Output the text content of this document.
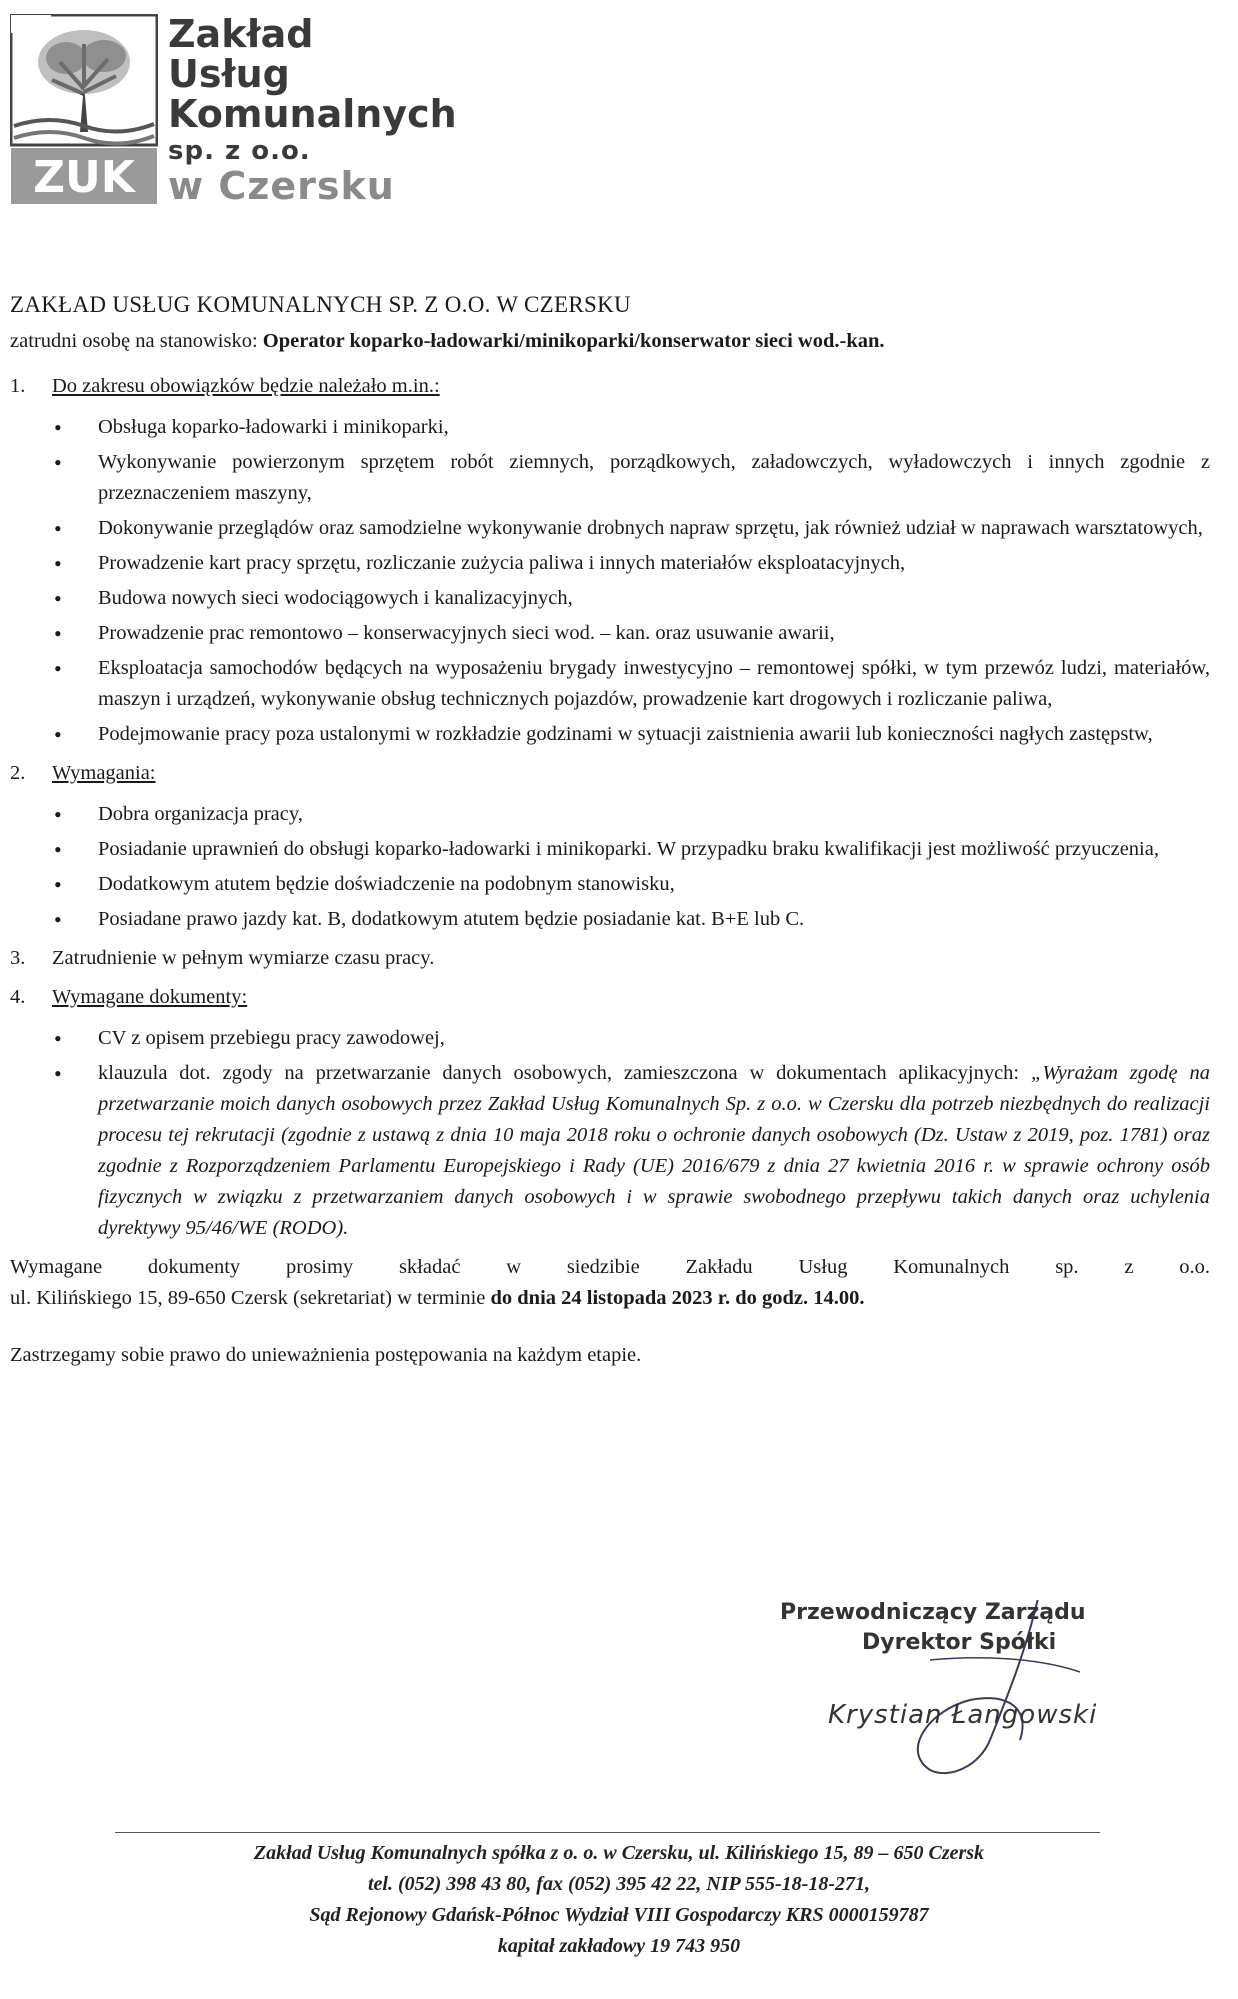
ZUK
Zakład
Usług
Komunalnych
sp. z o.o.
w Czersku
ZAKŁAD USŁUG KOMUNALNYCH SP. Z O.O. W CZERSKU
zatrudni osobę na stanowisko: Operator koparko-ładowarki/minikoparki/konserwator sieci wod.-kan.
1.	Do zakresu obowiązków będzie należało m.in.:
• Obsługa koparko-ładowarki i minikoparki,
• Wykonywanie powierzonym sprzętem robót ziemnych, porządkowych, załadowczych, wyładowczych i innych zgodnie z przeznaczeniem maszyny,
• Dokonywanie przeglądów oraz samodzielne wykonywanie drobnych napraw sprzętu, jak również udział w naprawach warsztatowych,
• Prowadzenie kart pracy sprzętu, rozliczanie zużycia paliwa i innych materiałów eksploatacyjnych,
• Budowa nowych sieci wodociągowych i kanalizacyjnych,
• Prowadzenie prac remontowo – konserwacyjnych sieci wod. – kan. oraz usuwanie awarii,
• Eksploatacja samochodów będących na wyposażeniu brygady inwestycyjno – remontowej spółki, w tym przewóz ludzi, materiałów, maszyn i urządzeń, wykonywanie obsług technicznych pojazdów, prowadzenie kart drogowych i rozliczanie paliwa,
• Podejmowanie pracy poza ustalonymi w rozkładzie godzinami w sytuacji zaistnienia awarii lub konieczności nagłych zastępstw,
2.	Wymagania:
• Dobra organizacja pracy,
• Posiadanie uprawnień do obsługi koparko-ładowarki i minikoparki. W przypadku braku kwalifikacji jest możliwość przyuczenia,
• Dodatkowym atutem będzie doświadczenie na podobnym stanowisku,
• Posiadane prawo jazdy kat. B, dodatkowym atutem będzie posiadanie kat. B+E lub C.
3.	Zatrudnienie w pełnym wymiarze czasu pracy.
4.	Wymagane dokumenty:
• CV z opisem przebiegu pracy zawodowej,
• klauzula dot. zgody na przetwarzanie danych osobowych, zamieszczona w dokumentach aplikacyjnych: „Wyrażam zgodę na przetwarzanie moich danych osobowych przez Zakład Usług Komunalnych Sp. z o.o. w Czersku dla potrzeb niezbędnych do realizacji procesu tej rekrutacji (zgodnie z ustawą z dnia 10 maja 2018 roku o ochronie danych osobowych (Dz. Ustaw z 2019, poz. 1781) oraz zgodnie z Rozporządzeniem Parlamentu Europejskiego i Rady (UE) 2016/679 z dnia 27 kwietnia 2016 r. w sprawie ochrony osób fizycznych w związku z przetwarzaniem danych osobowych i w sprawie swobodnego przepływu takich danych oraz uchylenia dyrektywy 95/46/WE (RODO).
Wymagane dokumenty prosimy składać w siedzibie Zakładu Usług Komunalnych sp. z o.o.
ul. Kilińskiego 15, 89-650 Czersk (sekretariat) w terminie do dnia 24 listopada 2023 r. do godz. 14.00.
Zastrzegamy sobie prawo do unieważnienia postępowania na każdym etapie.
Przewodniczący Zarządu
Dyrektor Spółki
Krystian Łangowski
Zakład Usług Komunalnych spółka z o. o. w Czersku, ul. Kilińskiego 15, 89 – 650 Czersk
tel. (052) 398 43 80, fax (052) 395 42 22, NIP 555-18-18-271,
Sąd Rejonowy Gdańsk-Północ Wydział VIII Gospodarczy KRS 0000159787
kapitał zakładowy 19 743 950
